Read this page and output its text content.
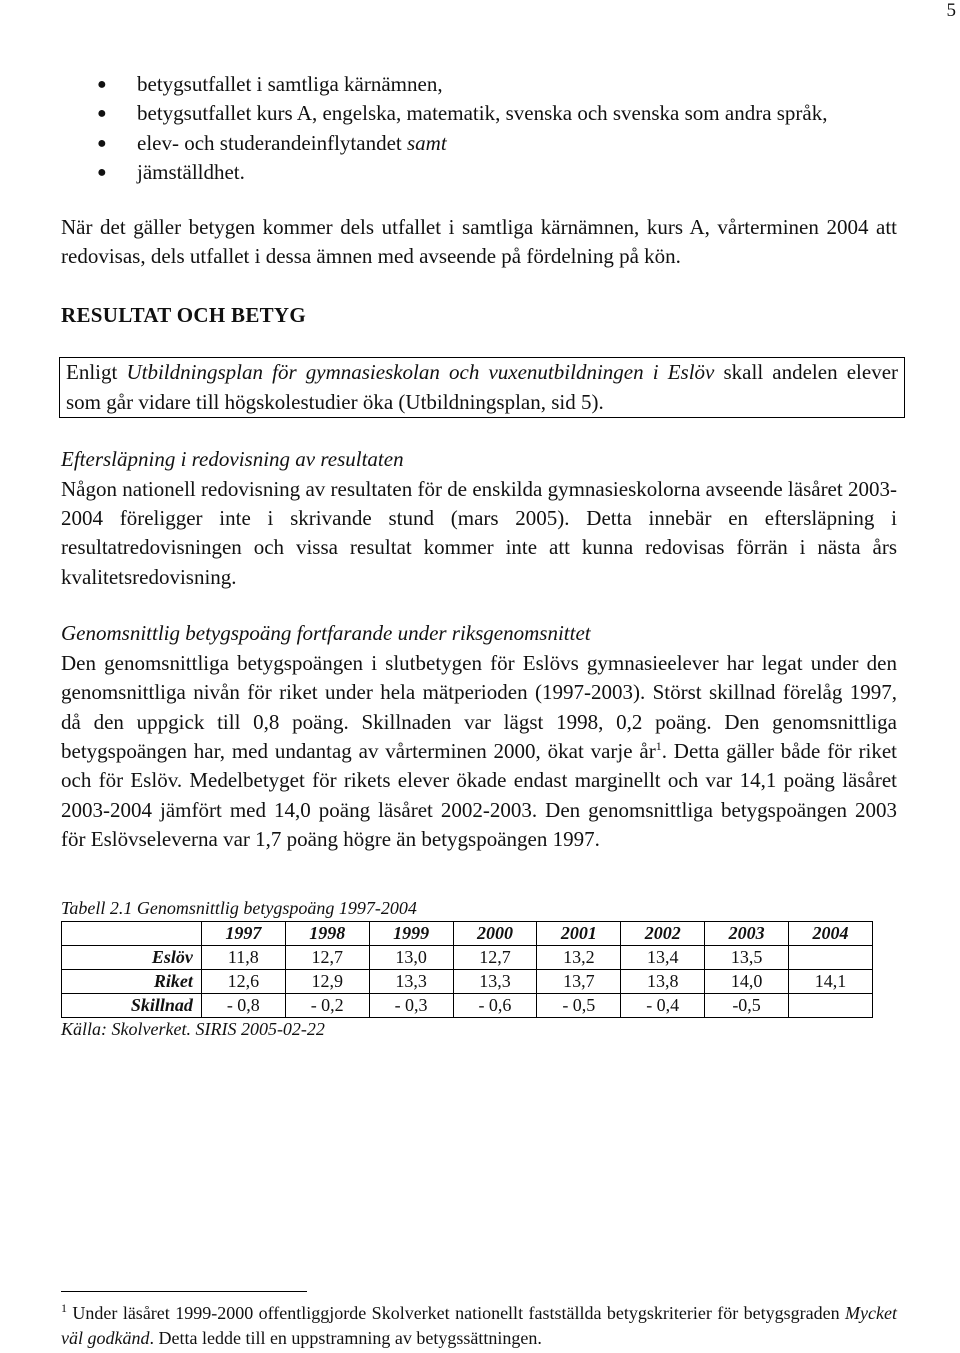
5
● betygsutfallet i samtliga kärnämnen,
● betygsutfallet kurs A, engelska, matematik, svenska och svenska som andra språk,
● elev- och studerandeinflytandet samt
● jämställdhet.

När det gäller betygen kommer dels utfallet i samtliga kärnämnen, kurs A, vårterminen 2004 att redovisas, dels utfallet i dessa ämnen med avseende på fördelning på kön.

RESULTAT OCH BETYG
Enligt Utbildningsplan för gymnasieskolan och vuxenutbildningen i Eslöv skall andelen elever som går vidare till högskolestudier öka (Utbildningsplan, sid 5).
Eftersläpning i redovisning av resultaten

Någon nationell redovisning av resultaten för de enskilda gymnasieskolorna avseende läsåret 2003-2004 föreligger inte i skrivande stund (mars 2005). Detta innebär en eftersläpning i resultatredovisningen och vissa resultat kommer inte att kunna redovisas förrän i nästa års kvalitetsredovisning.

Genomsnittlig betygspoäng fortfarande under riksgenomsnittet

Den genomsnittliga betygspoängen i slutbetygen för Eslövs gymnasieelever har legat under den genomsnittliga nivån för riket under hela mätperioden (1997-2003). Störst skillnad förelåg 1997, då den uppgick till 0,8 poäng. Skillnaden var lägst 1998, 0,2 poäng. Den genomsnittliga betygspoängen har, med undantag av vårterminen 2000, ökat varje $år^1$. Detta gäller både för riket och för Eslöv. Medelbetyget för rikets elever ökade endast marginellt och var 14,1 poäng läsåret 2003-2004 jämfört med 14,0 poäng läsåret 2002-2003. Den genomsnittliga betygspoängen 2003 för Eslövseleverna var 1,7 poäng högre än betygspoängen 1997.

Tabell 2.1 Genomsnittlig betygspoäng 1997-2004
	1997	1998	1999	2000	2001	2002	2003	2004
Eslöv	11,8	12,7	13,0	12,7	13,2	13,4	13,5	
Riket	12,6	12,9	13,3	13,3	13,7	13,8	14,0	14,1
Skillnad	- 0,8	- 0,2	- 0,3	- 0,6	- 0,5	- 0,4	-0,5	
Källa: Skolverket. SIRIS 2005-02-22
$^1$ Under läsåret 1999-2000 offentliggjorde Skolverket nationellt fastställda betygskriterier för betygsgraden Mycket väl godkänd. Detta ledde till en uppstramning av betygssättningen.
